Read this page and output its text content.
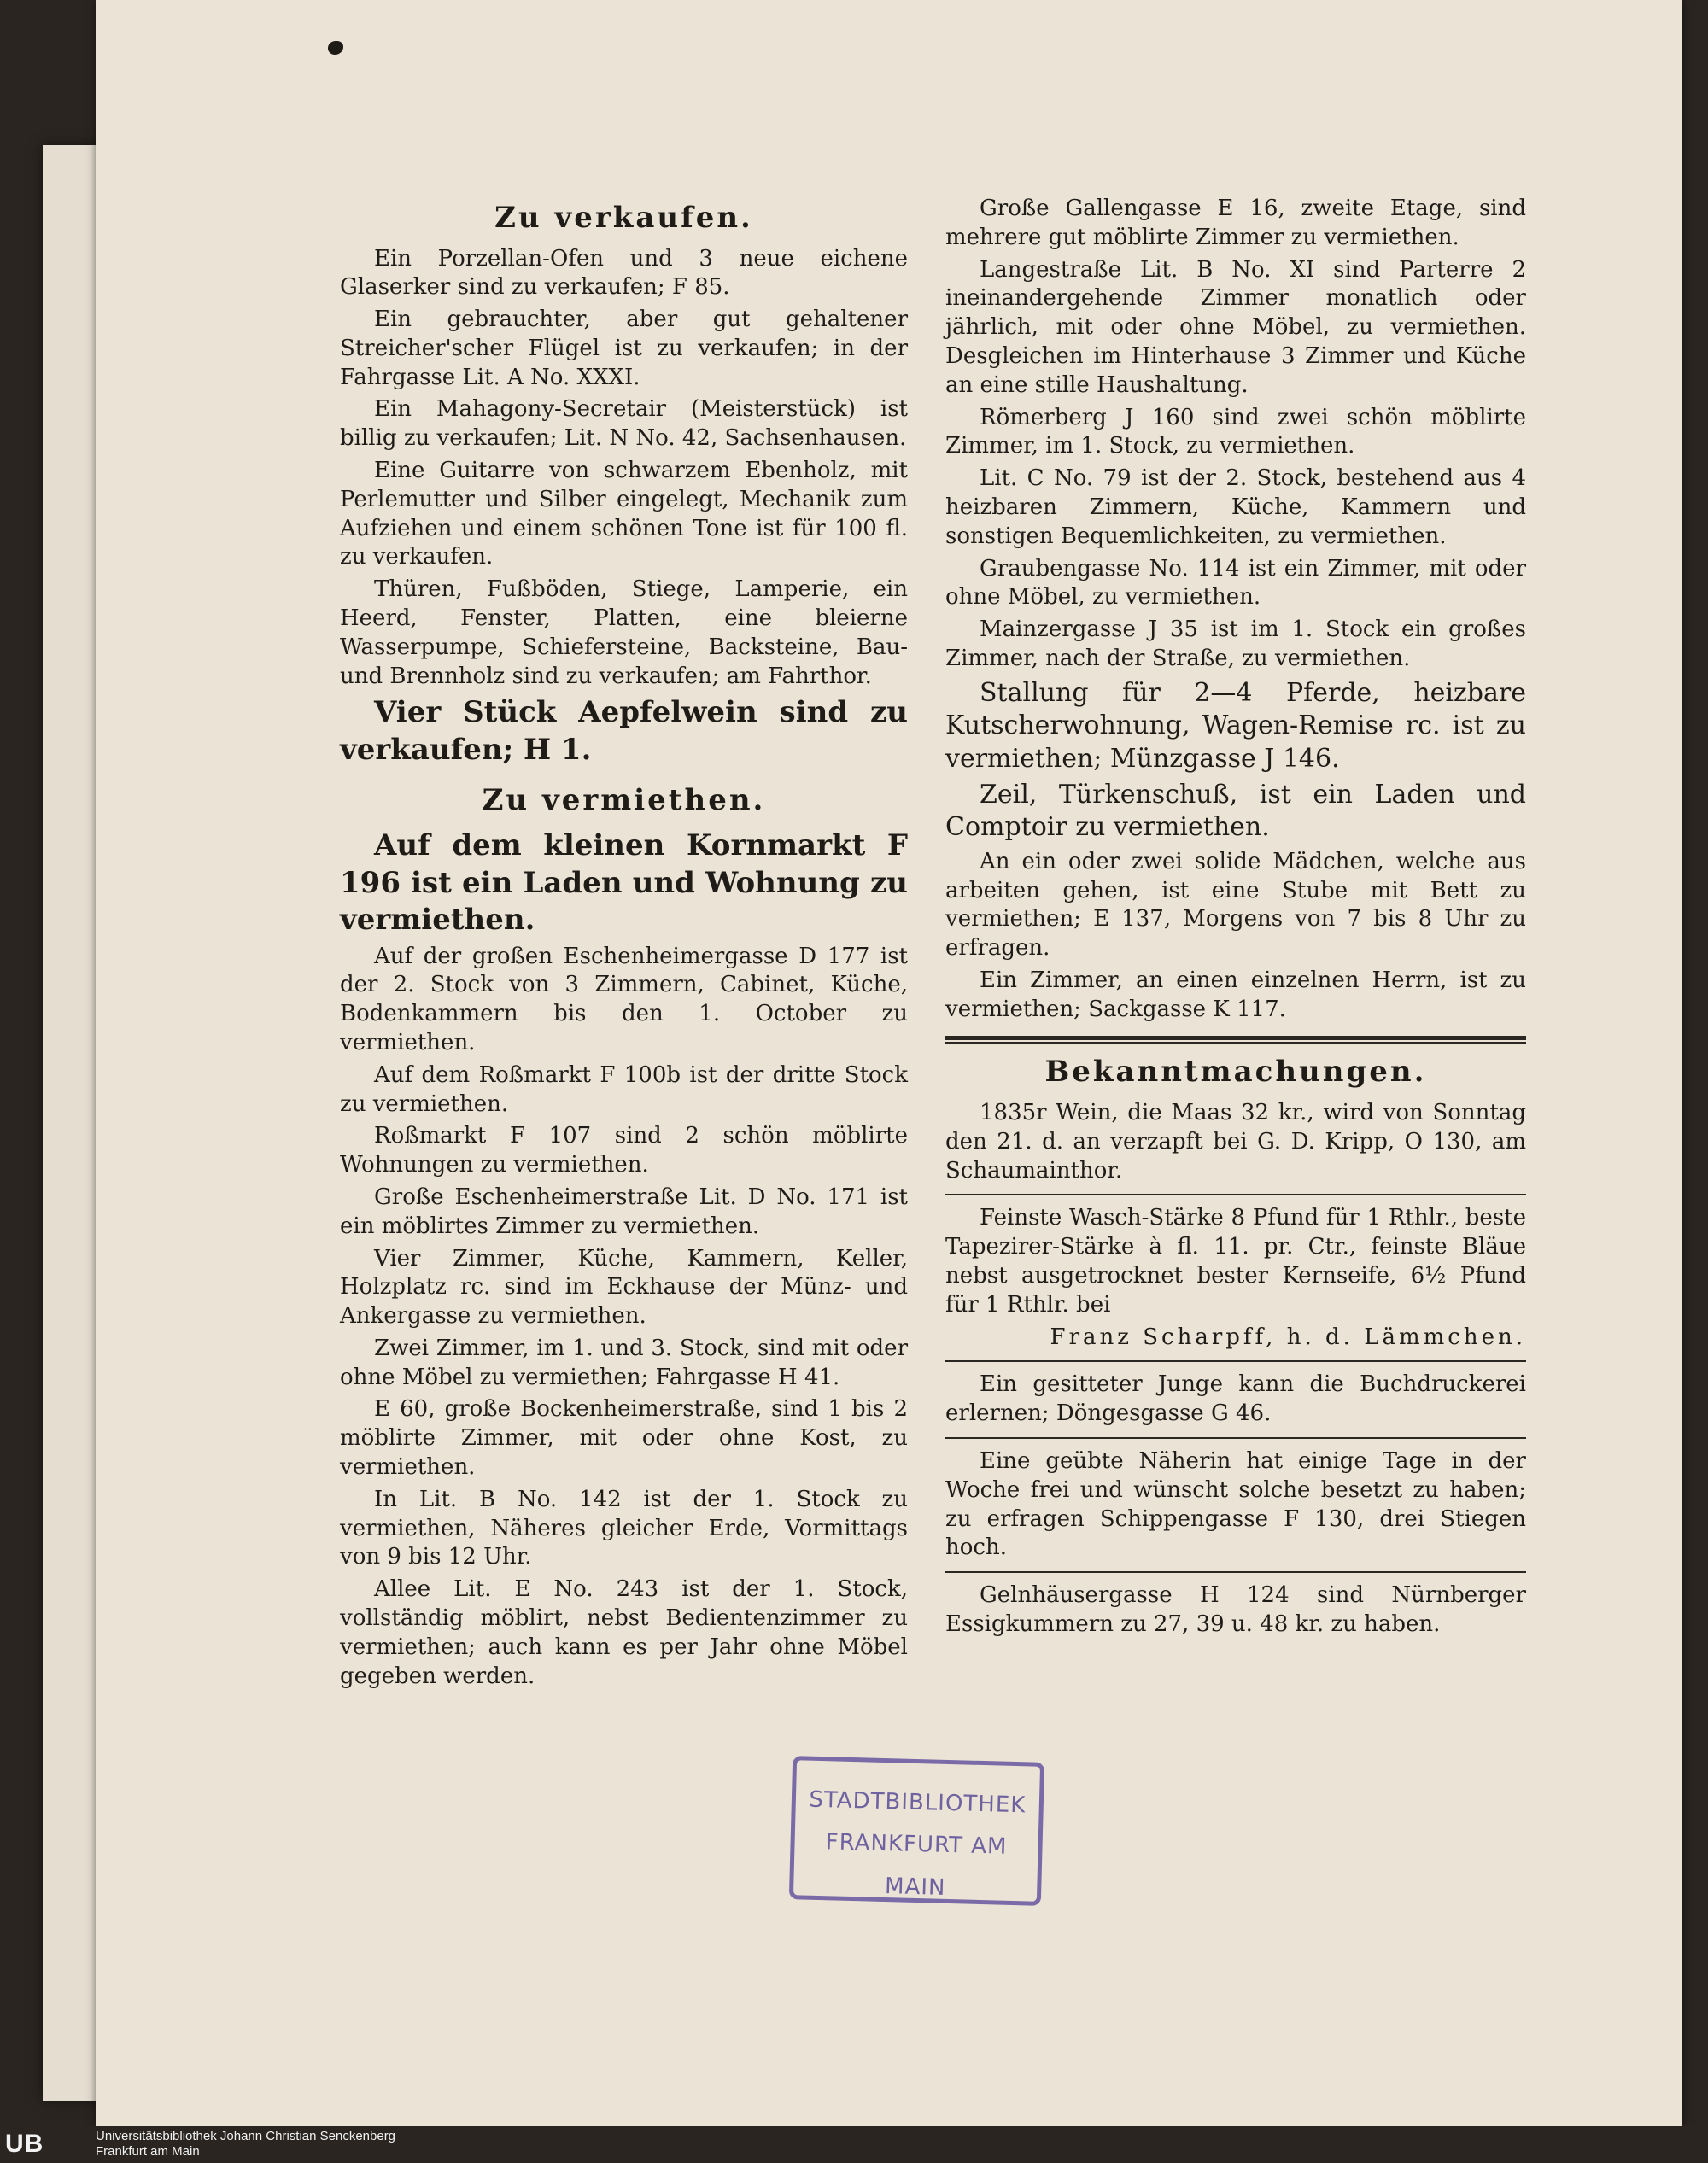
Zu verkaufen.

Ein Porzellan-Ofen und 3 neue eichene Glaserker sind zu verkaufen; F 85.

Ein gebrauchter, aber gut gehaltener Streicher'scher Flügel ist zu verkaufen; in der Fahrgasse Lit. A No. XXXI.

Ein Mahagony-Secretair (Meisterstück) ist billig zu verkaufen; Lit. N No. 42, Sachsenhausen.

Eine Guitarre von schwarzem Ebenholz, mit Perlemutter und Silber eingelegt, Mechanik zum Aufziehen und einem schönen Tone ist für 100 fl. zu verkaufen.

Thüren, Fußböden, Stiege, Lamperie, ein Heerd, Fenster, Platten, eine bleierne Wasserpumpe, Schiefersteine, Backsteine, Bau- und Brennholz sind zu verkaufen; am Fahrthor.

Vier Stück Aepfelwein sind zu verkaufen; H 1.

Zu vermiethen.

Auf dem kleinen Kornmarkt F 196 ist ein Laden und Wohnung zu vermiethen.

Auf der großen Eschenheimergasse D 177 ist der 2. Stock von 3 Zimmern, Cabinet, Küche, Bodenkammern bis den 1. October zu vermiethen.

Auf dem Roßmarkt F 100b ist der dritte Stock zu vermiethen.

Roßmarkt F 107 sind 2 schön möblirte Wohnungen zu vermiethen.

Große Eschenheimerstraße Lit. D No. 171 ist ein möblirtes Zimmer zu vermiethen.

Vier Zimmer, Küche, Kammern, Keller, Holzplatz rc. sind im Eckhause der Münz- und Ankergasse zu vermiethen.

Zwei Zimmer, im 1. und 3. Stock, sind mit oder ohne Möbel zu vermiethen; Fahrgasse H 41.

E 60, große Bockenheimerstraße, sind 1 bis 2 möblirte Zimmer, mit oder ohne Kost, zu vermiethen.

In Lit. B No. 142 ist der 1. Stock zu vermiethen, Näheres gleicher Erde, Vormittags von 9 bis 12 Uhr.

Allee Lit. E No. 243 ist der 1. Stock, vollständig möblirt, nebst Bedientenzimmer zu vermiethen; auch kann es per Jahr ohne Möbel gegeben werden.

Große Gallengasse E 16, zweite Etage, sind mehrere gut möblirte Zimmer zu vermiethen.

Langestraße Lit. B No. XI sind Parterre 2 ineinandergehende Zimmer monatlich oder jährlich, mit oder ohne Möbel, zu vermiethen. Desgleichen im Hinterhause 3 Zimmer und Küche an eine stille Haushaltung.

Römerberg J 160 sind zwei schön möblirte Zimmer, im 1. Stock, zu vermiethen.

Lit. C No. 79 ist der 2. Stock, bestehend aus 4 heizbaren Zimmern, Küche, Kammern und sonstigen Bequemlichkeiten, zu vermiethen.

Graubengasse No. 114 ist ein Zimmer, mit oder ohne Möbel, zu vermiethen.

Mainzergasse J 35 ist im 1. Stock ein großes Zimmer, nach der Straße, zu vermiethen.

Stallung für 2—4 Pferde, heizbare Kutscherwohnung, Wagen-Remise rc. ist zu vermiethen; Münzgasse J 146.

Zeil, Türkenschuß, ist ein Laden und Comptoir zu vermiethen.

An ein oder zwei solide Mädchen, welche aus arbeiten gehen, ist eine Stube mit Bett zu vermiethen; E 137, Morgens von 7 bis 8 Uhr zu erfragen.

Ein Zimmer, an einen einzelnen Herrn, ist zu vermiethen; Sackgasse K 117.

Bekanntmachungen.

1835r Wein, die Maas 32 kr., wird von Sonntag den 21. d. an verzapft bei G. D. Kripp, O 130, am Schaumainthor.

Feinste Wasch-Stärke 8 Pfund für 1 Rthlr., beste Tapezirer-Stärke à fl. 11. pr. Ctr., feinste Bläue nebst ausgetrocknet bester Kernseife, 6½ Pfund für 1 Rthlr. bei

Franz Scharpff, h. d. Lämmchen.

Ein gesitteter Junge kann die Buchdruckerei erlernen; Döngesgasse G 46.

Eine geübte Näherin hat einige Tage in der Woche frei und wünscht solche besetzt zu haben; zu erfragen Schippengasse F 130, drei Stiegen hoch.

Gelnhäusergasse H 124 sind Nürnberger Essigkummern zu 27, 39 u. 48 kr. zu haben.

STADTBIBLIOTHEK
FRANKFURT AM MAIN
UB	Universitätsbibliothek Johann Christian Senckenberg
Frankfurt am Main
